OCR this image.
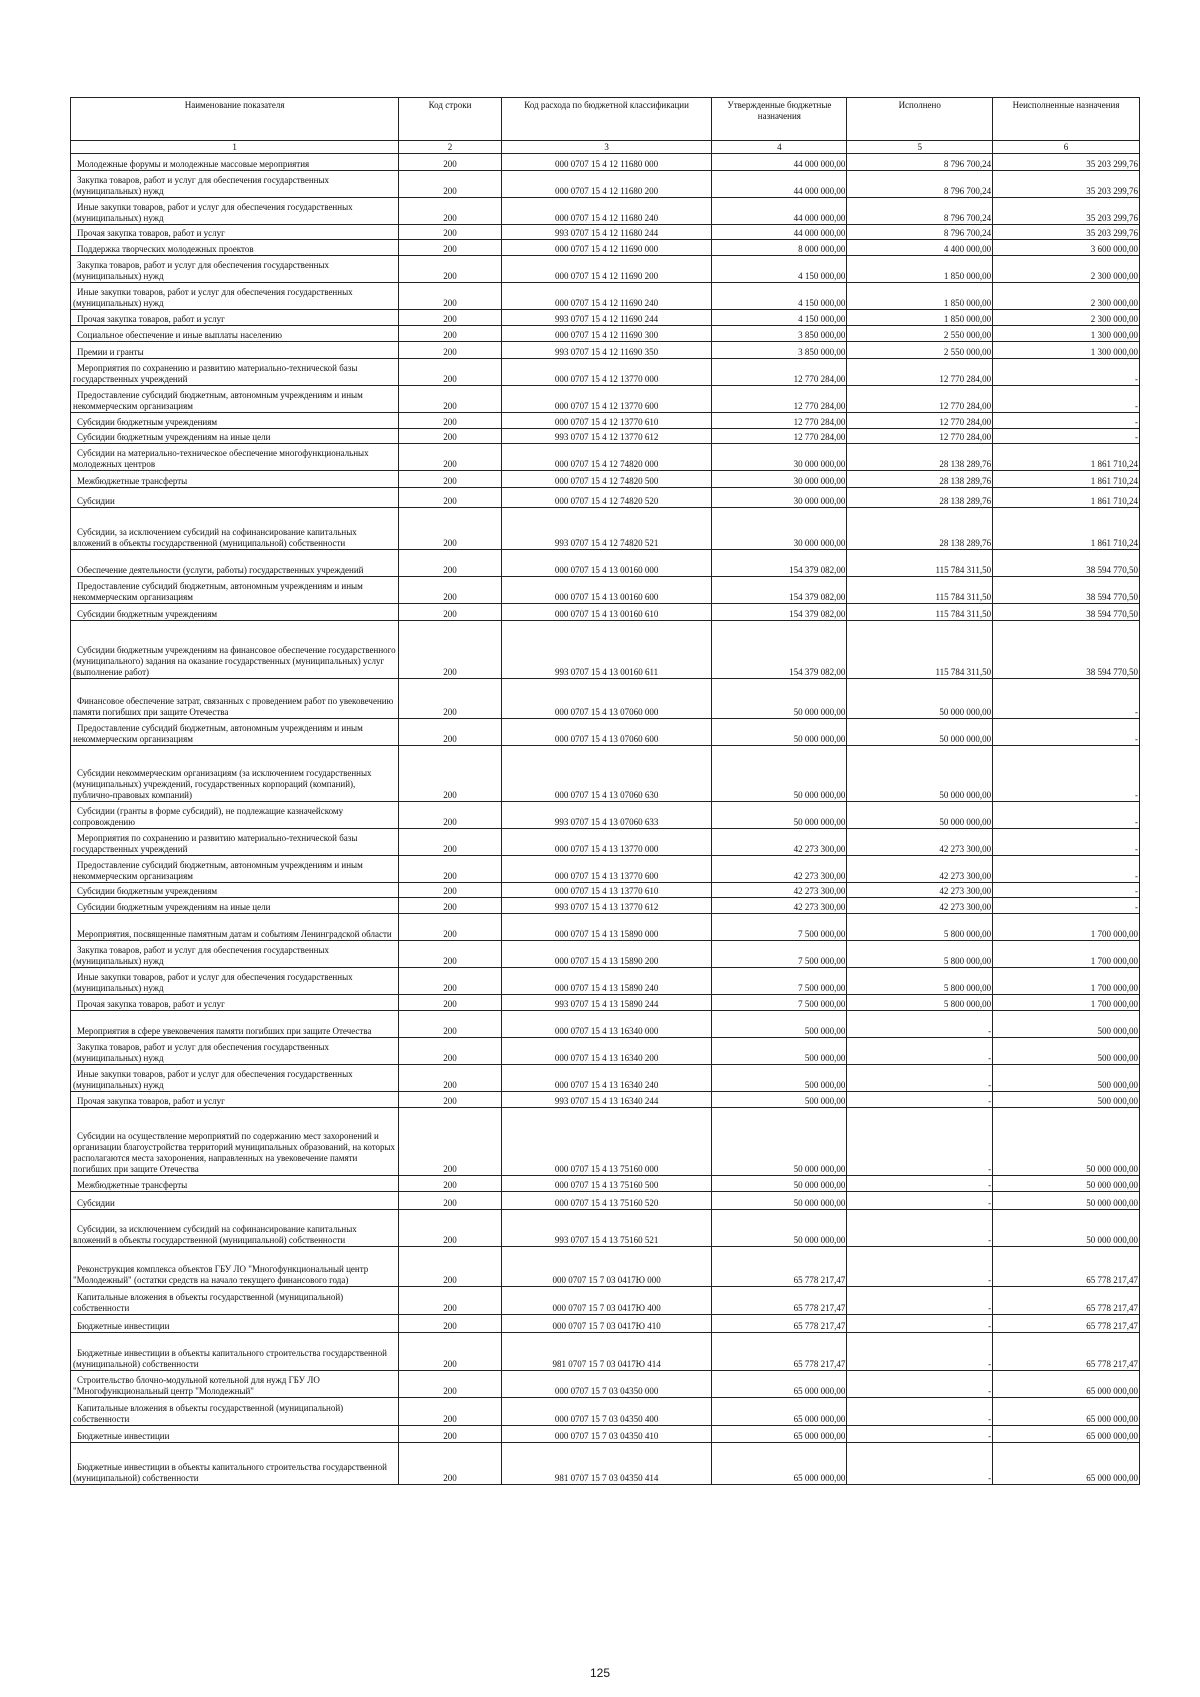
Наименование показателя	Код строки	Код расхода по бюджетной классификации	Утвержденные бюджетные назначения	Исполнено	Неисполненные назначения
1	2	3	4	5	6
Молодежные форумы и молодежные массовые мероприятия	200	000 0707 15 4 12 11680 000	44 000 000,00	8 796 700,24	35 203 299,76
Закупка товаров, работ и услуг для обеспечения государственных (муниципальных) нужд	200	000 0707 15 4 12 11680 200	44 000 000,00	8 796 700,24	35 203 299,76
Иные закупки товаров, работ и услуг для обеспечения государственных (муниципальных) нужд	200	000 0707 15 4 12 11680 240	44 000 000,00	8 796 700,24	35 203 299,76
Прочая закупка товаров, работ и услуг	200	993 0707 15 4 12 11680 244	44 000 000,00	8 796 700,24	35 203 299,76
Поддержка творческих молодежных проектов	200	000 0707 15 4 12 11690 000	8 000 000,00	4 400 000,00	3 600 000,00
Закупка товаров, работ и услуг для обеспечения государственных (муниципальных) нужд	200	000 0707 15 4 12 11690 200	4 150 000,00	1 850 000,00	2 300 000,00
Иные закупки товаров, работ и услуг для обеспечения государственных (муниципальных) нужд	200	000 0707 15 4 12 11690 240	4 150 000,00	1 850 000,00	2 300 000,00
Прочая закупка товаров, работ и услуг	200	993 0707 15 4 12 11690 244	4 150 000,00	1 850 000,00	2 300 000,00
Социальное обеспечение и иные выплаты населению	200	000 0707 15 4 12 11690 300	3 850 000,00	2 550 000,00	1 300 000,00
Премии и гранты	200	993 0707 15 4 12 11690 350	3 850 000,00	2 550 000,00	1 300 000,00
Мероприятия по сохранению и развитию материально-технической базы государственных учреждений	200	000 0707 15 4 12 13770 000	12 770 284,00	12 770 284,00	-
Предоставление субсидий бюджетным, автономным учреждениям и иным некоммерческим организациям	200	000 0707 15 4 12 13770 600	12 770 284,00	12 770 284,00	-
Субсидии бюджетным учреждениям	200	000 0707 15 4 12 13770 610	12 770 284,00	12 770 284,00	-
Субсидии бюджетным учреждениям на иные цели	200	993 0707 15 4 12 13770 612	12 770 284,00	12 770 284,00	-
Субсидии на материально-техническое обеспечение многофункциональных молодежных центров	200	000 0707 15 4 12 74820 000	30 000 000,00	28 138 289,76	1 861 710,24
Межбюджетные трансферты	200	000 0707 15 4 12 74820 500	30 000 000,00	28 138 289,76	1 861 710,24
Субсидии	200	000 0707 15 4 12 74820 520	30 000 000,00	28 138 289,76	1 861 710,24
Субсидии, за исключением субсидий на софинансирование капитальных вложений в объекты государственной (муниципальной) собственности	200	993 0707 15 4 12 74820 521	30 000 000,00	28 138 289,76	1 861 710,24
Обеспечение деятельности (услуги, работы) государственных учреждений	200	000 0707 15 4 13 00160 000	154 379 082,00	115 784 311,50	38 594 770,50
Предоставление субсидий бюджетным, автономным учреждениям и иным некоммерческим организациям	200	000 0707 15 4 13 00160 600	154 379 082,00	115 784 311,50	38 594 770,50
Субсидии бюджетным учреждениям	200	000 0707 15 4 13 00160 610	154 379 082,00	115 784 311,50	38 594 770,50
Субсидии бюджетным учреждениям на финансовое обеспечение государственного (муниципального) задания на оказание государственных (муниципальных) услуг (выполнение работ)	200	993 0707 15 4 13 00160 611	154 379 082,00	115 784 311,50	38 594 770,50
Финансовое обеспечение затрат, связанных с проведением работ по увековечению памяти погибших при защите Отечества	200	000 0707 15 4 13 07060 000	50 000 000,00	50 000 000,00	-
Предоставление субсидий бюджетным, автономным учреждениям и иным некоммерческим организациям	200	000 0707 15 4 13 07060 600	50 000 000,00	50 000 000,00	-
Субсидии некоммерческим организациям (за исключением государственных (муниципальных) учреждений, государственных корпораций (компаний), публично-правовых компаний)	200	000 0707 15 4 13 07060 630	50 000 000,00	50 000 000,00	-
Субсидии (гранты в форме субсидий), не подлежащие казначейскому сопровождению	200	993 0707 15 4 13 07060 633	50 000 000,00	50 000 000,00	-
Мероприятия по сохранению и развитию материально-технической базы государственных учреждений	200	000 0707 15 4 13 13770 000	42 273 300,00	42 273 300,00	-
Предоставление субсидий бюджетным, автономным учреждениям и иным некоммерческим организациям	200	000 0707 15 4 13 13770 600	42 273 300,00	42 273 300,00	-
Субсидии бюджетным учреждениям	200	000 0707 15 4 13 13770 610	42 273 300,00	42 273 300,00	-
Субсидии бюджетным учреждениям на иные цели	200	993 0707 15 4 13 13770 612	42 273 300,00	42 273 300,00	-
Мероприятия, посвященные памятным датам и событиям Ленинградской области	200	000 0707 15 4 13 15890 000	7 500 000,00	5 800 000,00	1 700 000,00
Закупка товаров, работ и услуг для обеспечения государственных (муниципальных) нужд	200	000 0707 15 4 13 15890 200	7 500 000,00	5 800 000,00	1 700 000,00
Иные закупки товаров, работ и услуг для обеспечения государственных (муниципальных) нужд	200	000 0707 15 4 13 15890 240	7 500 000,00	5 800 000,00	1 700 000,00
Прочая закупка товаров, работ и услуг	200	993 0707 15 4 13 15890 244	7 500 000,00	5 800 000,00	1 700 000,00
Мероприятия в сфере увековечения памяти погибших при защите Отечества	200	000 0707 15 4 13 16340 000	500 000,00	-	500 000,00
Закупка товаров, работ и услуг для обеспечения государственных (муниципальных) нужд	200	000 0707 15 4 13 16340 200	500 000,00	-	500 000,00
Иные закупки товаров, работ и услуг для обеспечения государственных (муниципальных) нужд	200	000 0707 15 4 13 16340 240	500 000,00	-	500 000,00
Прочая закупка товаров, работ и услуг	200	993 0707 15 4 13 16340 244	500 000,00	-	500 000,00
Субсидии на осуществление мероприятий по содержанию мест захоронений и организации благоустройства территорий муниципальных образований, на которых располагаются места захоронения, направленных на увековечение памяти погибших при защите Отечества	200	000 0707 15 4 13 75160 000	50 000 000,00	-	50 000 000,00
Межбюджетные трансферты	200	000 0707 15 4 13 75160 500	50 000 000,00	-	50 000 000,00
Субсидии	200	000 0707 15 4 13 75160 520	50 000 000,00	-	50 000 000,00
Субсидии, за исключением субсидий на софинансирование капитальных вложений в объекты государственной (муниципальной) собственности	200	993 0707 15 4 13 75160 521	50 000 000,00	-	50 000 000,00
Реконструкция комплекса объектов ГБУ ЛО "Многофункциональный центр "Молодежный" (остатки средств на начало текущего финансового года)	200	000 0707 15 7 03 0417Ю 000	65 778 217,47	-	65 778 217,47
Капитальные вложения в объекты государственной (муниципальной) собственности	200	000 0707 15 7 03 0417Ю 400	65 778 217,47	-	65 778 217,47
Бюджетные инвестиции	200	000 0707 15 7 03 0417Ю 410	65 778 217,47	-	65 778 217,47
Бюджетные инвестиции в объекты капитального строительства государственной (муниципальной) собственности	200	981 0707 15 7 03 0417Ю 414	65 778 217,47	-	65 778 217,47
Строительство блочно-модульной котельной для нужд ГБУ ЛО "Многофункциональный центр "Молодежный"	200	000 0707 15 7 03 04350 000	65 000 000,00	-	65 000 000,00
Капитальные вложения в объекты государственной (муниципальной) собственности	200	000 0707 15 7 03 04350 400	65 000 000,00	-	65 000 000,00
Бюджетные инвестиции	200	000 0707 15 7 03 04350 410	65 000 000,00	-	65 000 000,00
Бюджетные инвестиции в объекты капитального строительства государственной (муниципальной) собственности	200	981 0707 15 7 03 04350 414	65 000 000,00	-	65 000 000,00
125
